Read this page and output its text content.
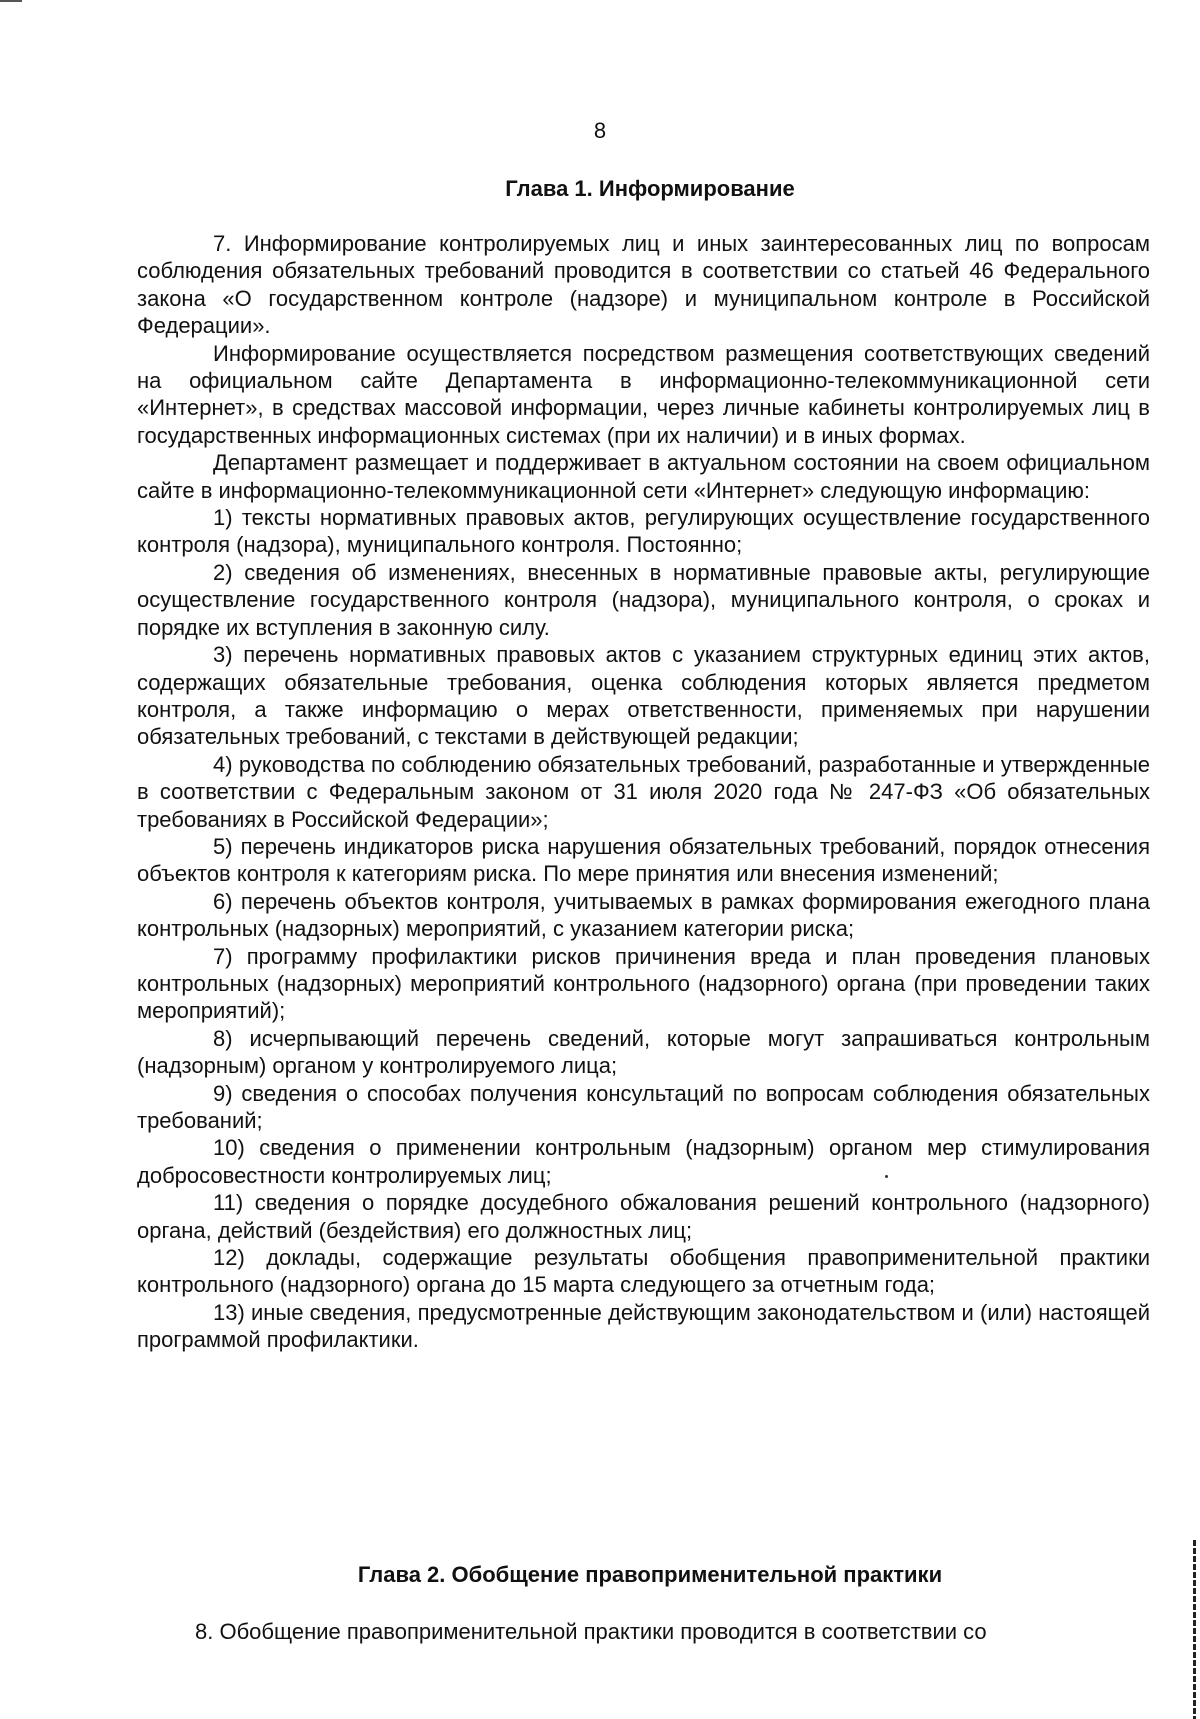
8
Глава 1. Информирование

7. Информирование контролируемых лиц и иных заинтересованных лиц по вопросам соблюдения обязательных требований проводится в соответствии со статьей 46 Федерального закона «О государственном контроле (надзоре) и муниципальном контроле в Российской Федерации».

Информирование осуществляется посредством размещения соответствующих сведений на официальном сайте Департамента в информационно-телекоммуникационной сети «Интернет», в средствах массовой информации, через личные кабинеты контролируемых лиц в государственных информационных системах (при их наличии) и в иных формах.

Департамент размещает и поддерживает в актуальном состоянии на своем официальном сайте в информационно-телекоммуникационной сети «Интернет» следующую информацию:

1) тексты нормативных правовых актов, регулирующих осуществление государственного контроля (надзора), муниципального контроля. Постоянно;

2) сведения об изменениях, внесенных в нормативные правовые акты, регулирующие осуществление государственного контроля (надзора), муниципального контроля, о сроках и порядке их вступления в законную силу.

3) перечень нормативных правовых актов с указанием структурных единиц этих актов, содержащих обязательные требования, оценка соблюдения которых является предметом контроля, а также информацию о мерах ответственности, применяемых при нарушении обязательных требований, с текстами в действующей редакции;

4) руководства по соблюдению обязательных требований, разработанные и утвержденные в соответствии с Федеральным законом от 31 июля 2020 года № 247-ФЗ «Об обязательных требованиях в Российской Федерации»;

5) перечень индикаторов риска нарушения обязательных требований, порядок отнесения объектов контроля к категориям риска. По мере принятия или внесения изменений;

6) перечень объектов контроля, учитываемых в рамках формирования ежегодного плана контрольных (надзорных) мероприятий, с указанием категории риска;

7) программу профилактики рисков причинения вреда и план проведения плановых контрольных (надзорных) мероприятий контрольного (надзорного) органа (при проведении таких мероприятий);

8) исчерпывающий перечень сведений, которые могут запрашиваться контрольным (надзорным) органом у контролируемого лица;

9) сведения о способах получения консультаций по вопросам соблюдения обязательных требований;

10) сведения о применении контрольным (надзорным) органом мер стимулирования добросовестности контролируемых лиц;

11) сведения о порядке досудебного обжалования решений контрольного (надзорного) органа, действий (бездействия) его должностных лиц;

12) доклады, содержащие результаты обобщения правоприменительной практики контрольного (надзорного) органа до 15 марта следующего за отчетным года;

13) иные сведения, предусмотренные действующим законодательством и (или) настоящей программой профилактики.

Глава 2. Обобщение правоприменительной практики

8. Обобщение правоприменительной практики проводится в соответствии со
